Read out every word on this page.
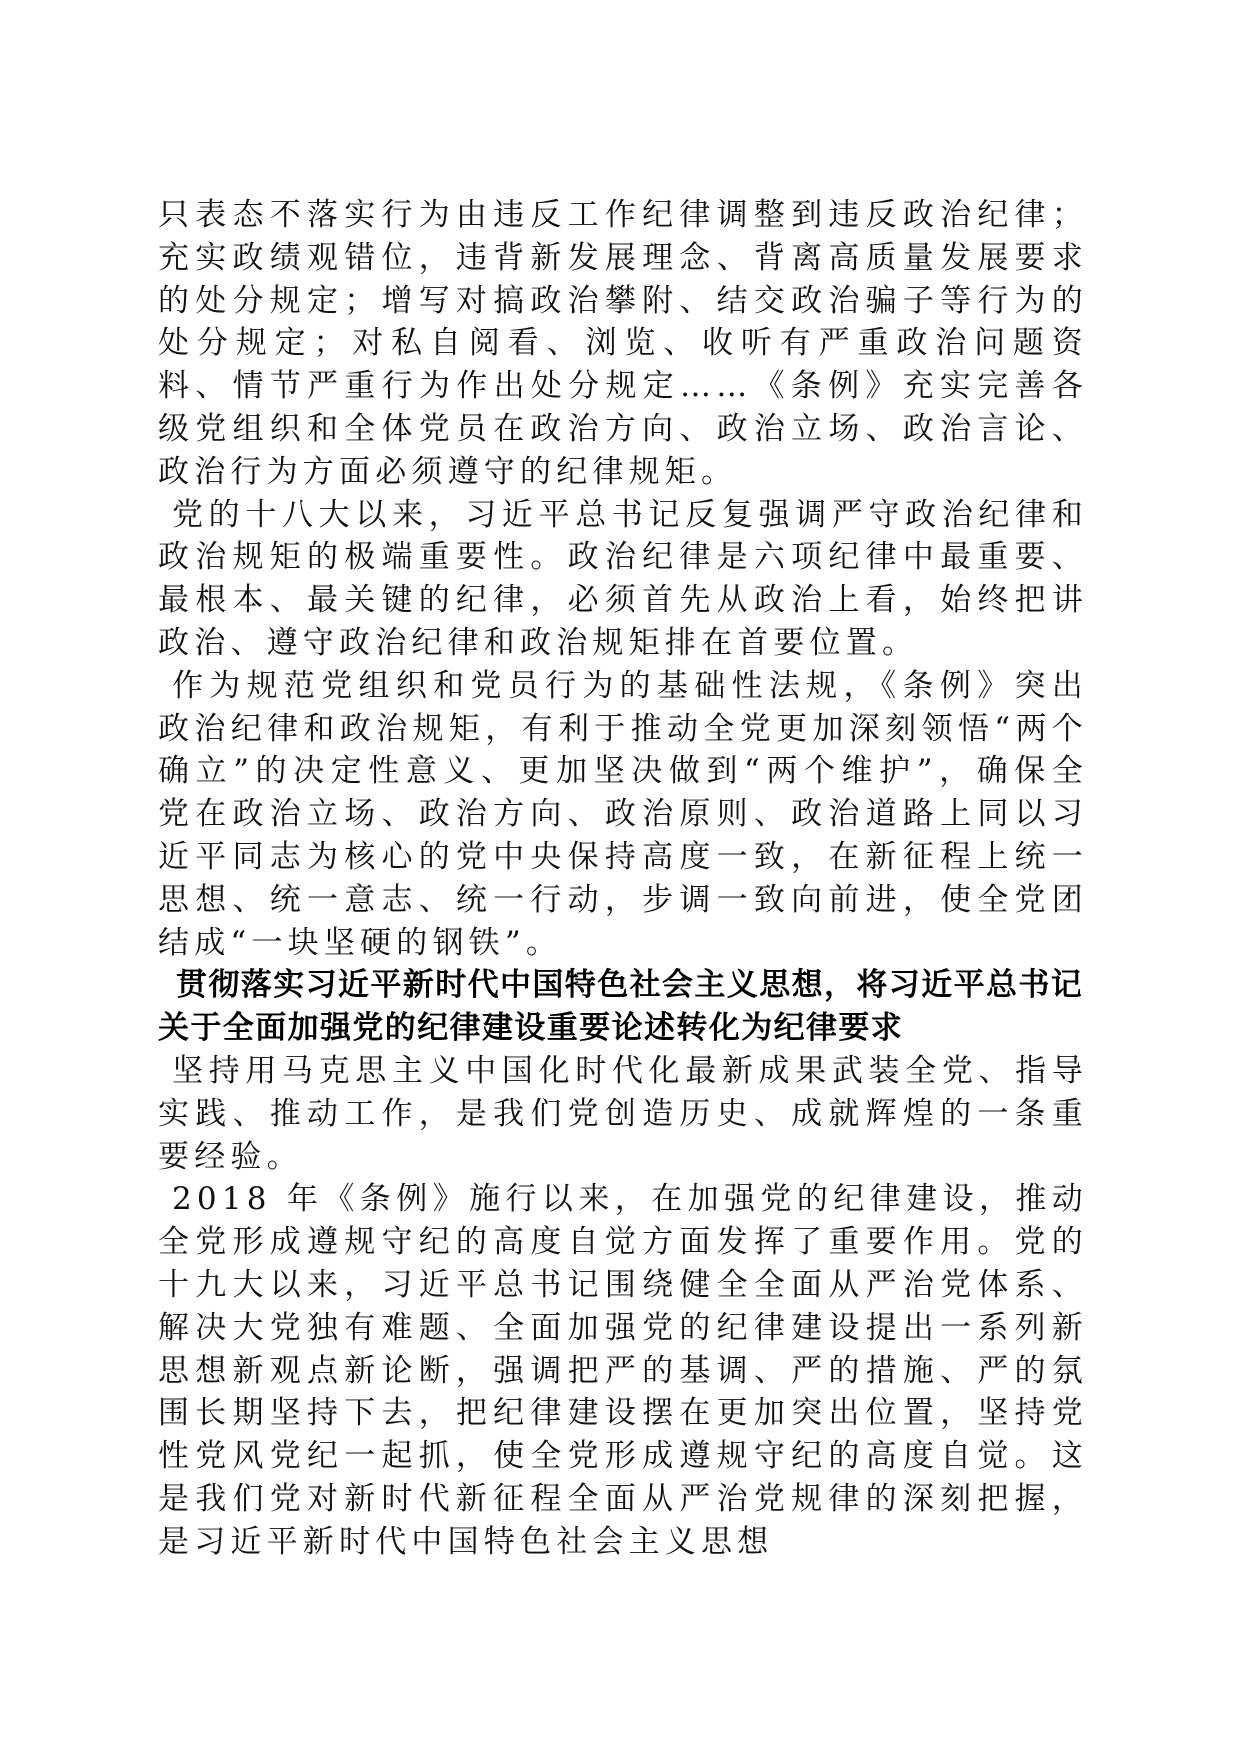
只表态不落实行为由违反工作纪律调整到违反政治纪律；充实政绩观错位，违背新发展理念、背离高质量发展要求的处分规定；增写对搞政治攀附、结交政治骗子等行为的处分规定；对私自阅看、浏览、收听有严重政治问题资料、情节严重行为作出处分规定……《条例》充实完善各级党组织和全体党员在政治方向、政治立场、政治言论、政治行为方面必须遵守的纪律规矩。

党的十八大以来，习近平总书记反复强调严守政治纪律和政治规矩的极端重要性。政治纪律是六项纪律中最重要、最根本、最关键的纪律，必须首先从政治上看，始终把讲政治、遵守政治纪律和政治规矩排在首要位置。

作为规范党组织和党员行为的基础性法规，《条例》突出政治纪律和政治规矩，有利于推动全党更加深刻领悟“两个确立”的决定性意义、更加坚决做到“两个维护”，确保全党在政治立场、政治方向、政治原则、政治道路上同以习近平同志为核心的党中央保持高度一致，在新征程上统一思想、统一意志、统一行动，步调一致向前进，使全党团结成“一块坚硬的钢铁”。

贯彻落实习近平新时代中国特色社会主义思想，将习近平总书记关于全面加强党的纪律建设重要论述转化为纪律要求

坚持用马克思主义中国化时代化最新成果武装全党、指导实践、推动工作，是我们党创造历史、成就辉煌的一条重要经验。

2018 年《条例》施行以来，在加强党的纪律建设，推动全党形成遵规守纪的高度自觉方面发挥了重要作用。党的十九大以来，习近平总书记围绕健全全面从严治党体系、解决大党独有难题、全面加强党的纪律建设提出一系列新思想新观点新论断，强调把严的基调、严的措施、严的氛围长期坚持下去，把纪律建设摆在更加突出位置，坚持党性党风党纪一起抓，使全党形成遵规守纪的高度自觉。这是我们党对新时代新征程全面从严治党规律的深刻把握，是习近平新时代中国特色社会主义思想
